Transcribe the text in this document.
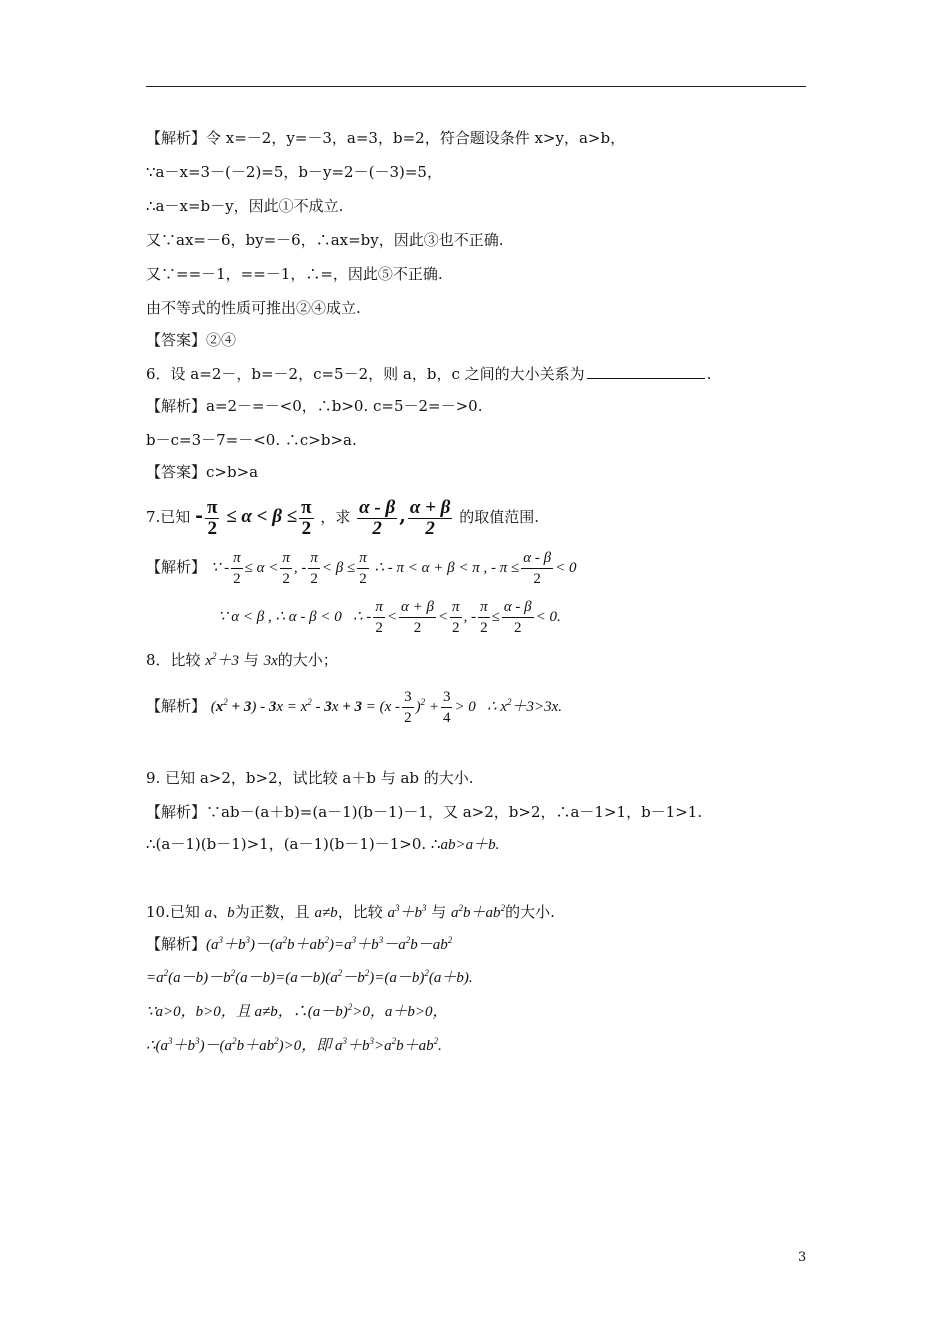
【解析】令 x=－2，y=－3，a=3，b=2，符合题设条件 x>y，a>b，
∵a－x=3－(－2)=5，b－y=2－(－3)=5，
∴a－x=b－y，因此①不成立.
又∵ax=－6，by=－6，∴ax=by，因此③也不正确.
又∵==－1，==－1，∴=，因此⑤不正确.
由不等式的性质可推出②④成立.
【答案】②④
6．设 a=2－，b=－2，c=5－2，则 a，b，c 之间的大小关系为	.
【解析】a=2－=－<0，∴b>0. c=5－2=－>0.
b－c=3－7=－<0. ∴c>b>a.
【答案】c>b>a
7.已知 - $\frac{\pi}{2} \le \alpha < \beta \le \frac{\pi}{2}$ ，求 $\frac{\alpha - \beta}{2}$ , $\frac{\alpha + \beta}{2}$ 的取值范围.
【解析】 ∵ - $\frac{\pi}{2} \le \alpha < \frac{\pi}{2}$ , - $\frac{\pi}{2} < \beta \le \frac{\pi}{2}$ ∴ - π < α + β < π , - $\pi \le \frac{\alpha - \beta}{2} < 0$
∵ α < β , ∴ α - β < 0   ∴ - $\frac{\pi}{2} < \frac{\alpha + \beta}{2} < \frac{\pi}{2}$ , - $\frac{\pi}{2} \le \frac{\alpha - \beta}{2} < 0$.
8．比较 $x^2+3$ 与 3x的大小；
【解析】 $(x^2 + 3) - 3x = x^2 - 3x + 3 = (x - \frac{3}{2} )^2 + \frac{3}{4} > 0$   ∴ $x^2+3>3x$.
9. 已知 a>2，b>2，试比较 a＋b 与 ab 的大小.
【解析】∵ab－(a＋b)=(a－1)(b－1)－1，又 a>2，b>2，∴a－1>1，b－1>1.
∴(a－1)(b－1)>1，(a－1)(b－1)－1>0. ∴ab>a＋b.
10.已知 a、b为正数，且 a≠b，比较 $a^3+b^3$ 与 $a^2b+ab^2$的大小.
【解析】$(a^3+b^3)-(a^2b+ab^2)=a^3+b^3-a^2b-ab^2$
$=a^2(a-b)-b^2(a-b)=(a-b)(a^2-b^2)=(a-b)^2(a+b)$.
∵a>0，b>0，且 a≠b，$\therefore(a-b)^2>0$，a＋b>0，
$\therefore(a^3+b^3)-(a^2b+ab^2)>0$，即 $a^3+b^3>a^2b+ab^2$.
3
